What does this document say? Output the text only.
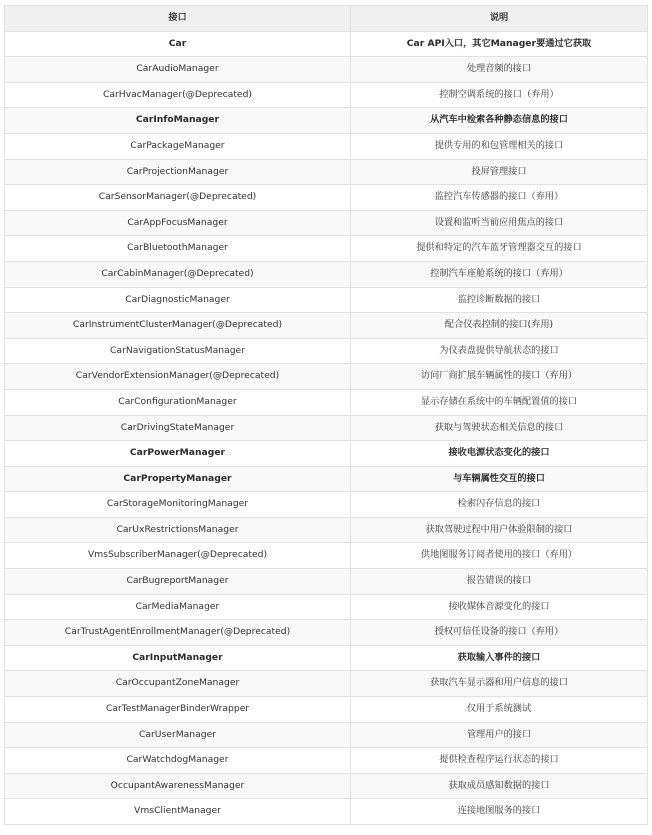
接口	说明
Car	Car API入口，其它Manager要通过它获取
CarAudioManager	处理音频的接口
CarHvacManager(@Deprecated)	控制空调系统的接口（弃用）
CarInfoManager	从汽车中检索各种静态信息的接口
CarPackageManager	提供专用的和包管理相关的接口
CarProjectionManager	投屏管理接口
CarSensorManager(@Deprecated)	监控汽车传感器的接口（弃用）
CarAppFocusManager	设置和监听当前应用焦点的接口
CarBluetoothManager	提供和特定的汽车蓝牙管理器交互的接口
CarCabinManager(@Deprecated)	控制汽车座舱系统的接口（弃用）
CarDiagnosticManager	监控诊断数据的接口
CarInstrumentClusterManager(@Deprecated)	配合仪表控制的接口(弃用)
CarNavigationStatusManager	为仪表盘提供导航状态的接口
CarVendorExtensionManager(@Deprecated)	访问厂商扩展车辆属性的接口（弃用）
CarConfigurationManager	显示存储在系统中的车辆配置值的接口
CarDrivingStateManager	获取与驾驶状态相关信息的接口
CarPowerManager	接收电源状态变化的接口
CarPropertyManager	与车辆属性交互的接口
CarStorageMonitoringManager	检索闪存信息的接口
CarUxRestrictionsManager	获取驾驶过程中用户体验限制的接口
VmsSubscriberManager(@Deprecated)	供地图服务订阅者使用的接口（弃用）
CarBugreportManager	报告错误的接口
CarMediaManager	接收媒体音源变化的接口
CarTrustAgentEnrollmentManager(@Deprecated)	授权可信任设备的接口（弃用）
CarInputManager	获取输入事件的接口
CarOccupantZoneManager	获取汽车显示器和用户信息的接口
CarTestManagerBinderWrapper	仅用于系统测试
CarUserManager	管理用户的接口
CarWatchdogManager	提供检查程序运行状态的接口
OccupantAwarenessManager	获取成员感知数据的接口
VmsClientManager	连接地图服务的接口
